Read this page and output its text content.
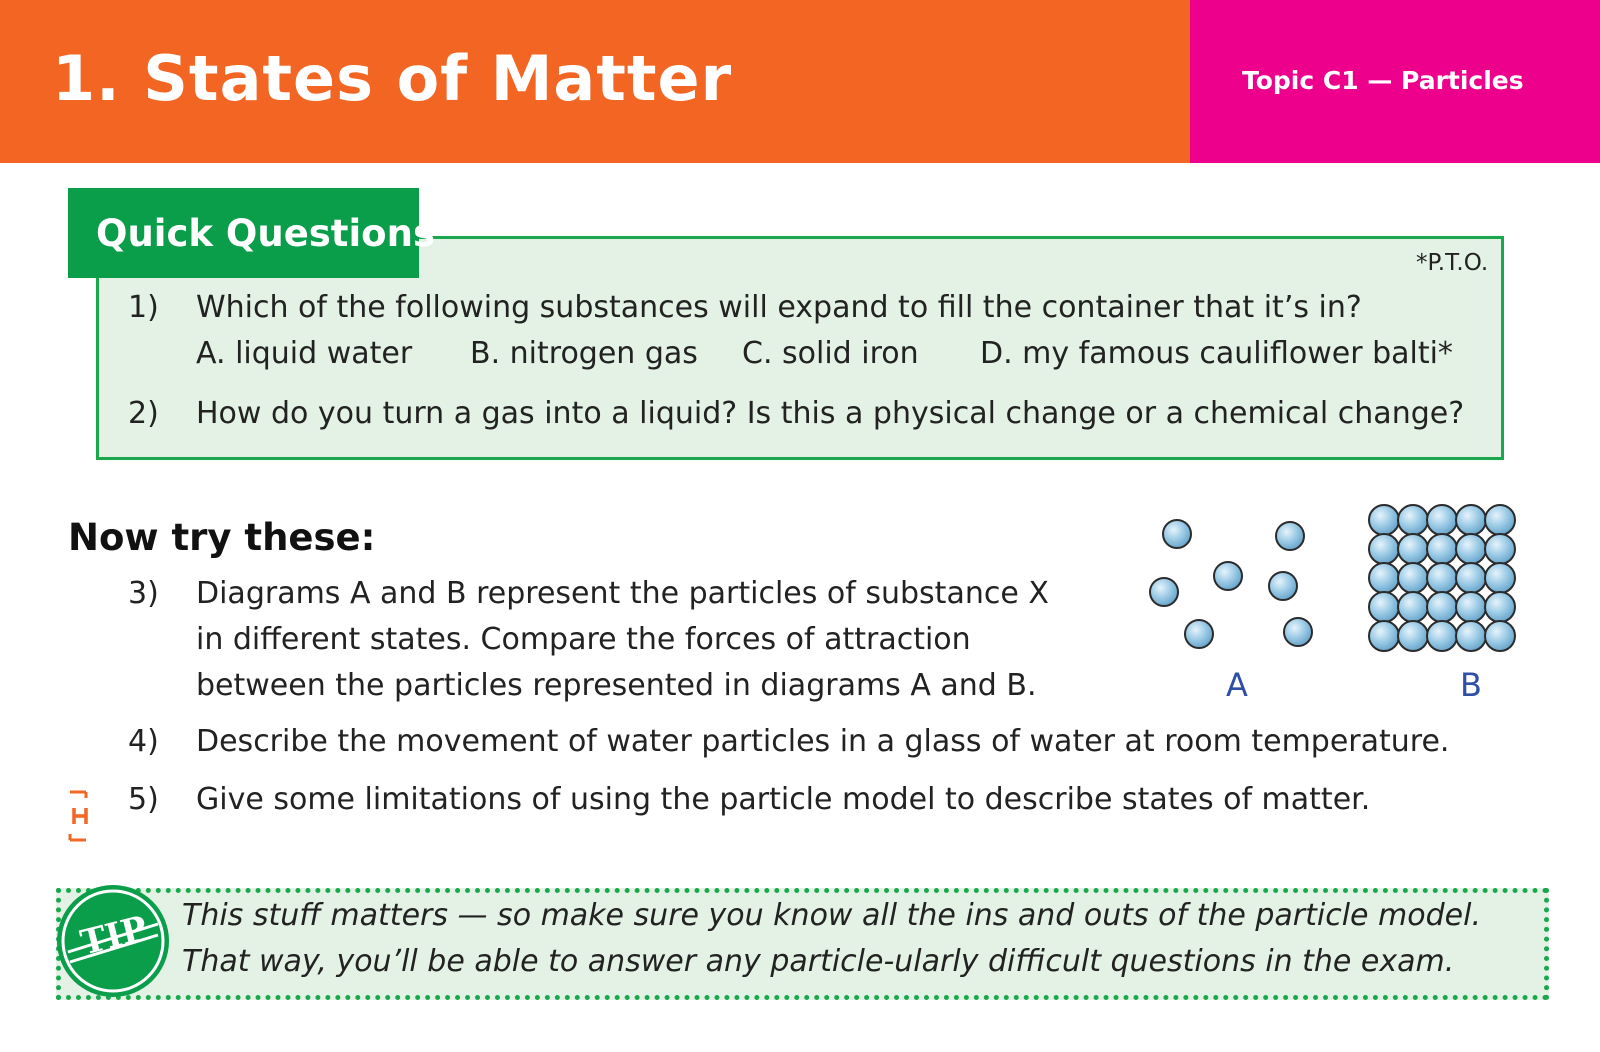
1. States of Matter	Topic C1 — Particles
Quick Questions
*P.T.O.
1) Which of the following substances will expand to fill the container that it’s in?
A. liquid water B. nitrogen gas C. solid iron D. my famous cauliflower balti*
2) How do you turn a gas into a liquid? Is this a physical change or a chemical change?
Now try these:
3) Diagrams A and B represent the particles of substance X
in different states. Compare the forces of attraction
between the particles represented in diagrams A and B.
4) Describe the movement of water particles in a glass of water at room temperature.
5) Give some limitations of using the particle model to describe states of matter.
A	B
TIP	This stuff matters — so make sure you know all the ins and outs of the particle model.
That way, you’ll be able to answer any particle-ularly difficult questions in the exam.
